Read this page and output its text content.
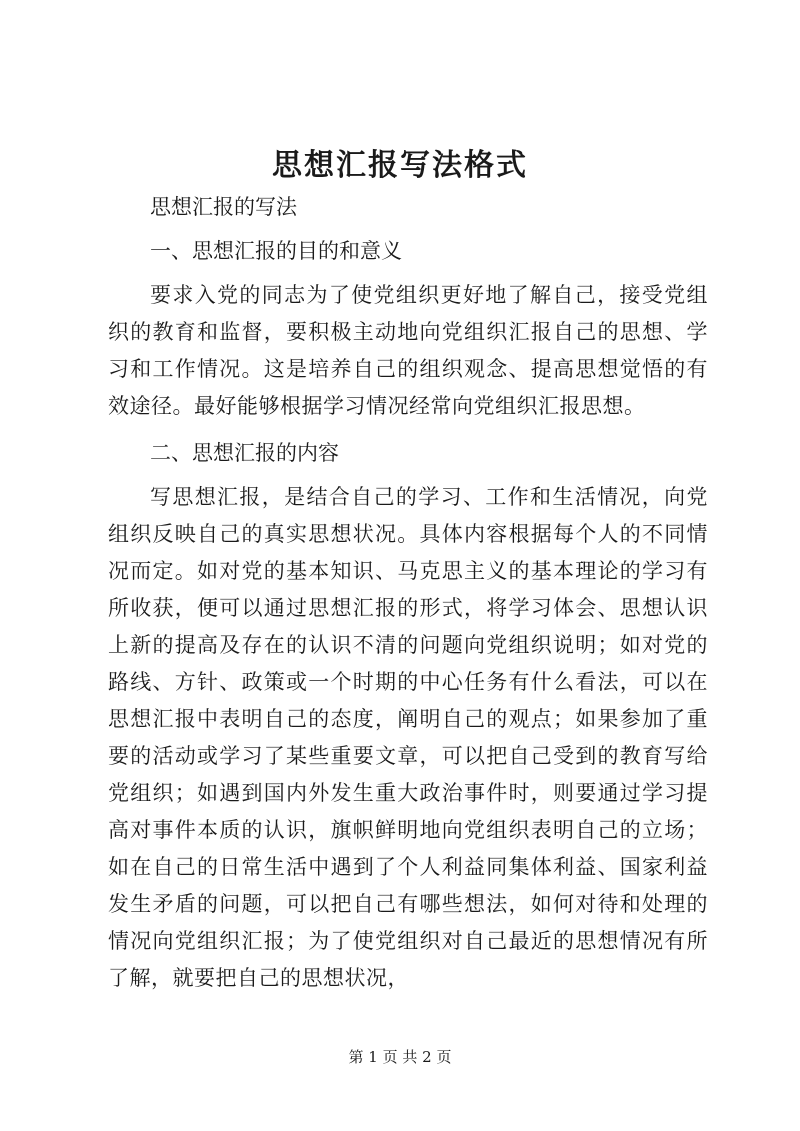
思想汇报写法格式

思想汇报的写法

一、思想汇报的目的和意义

要求入党的同志为了使党组织更好地了解自己，接受党组织的教育和监督，要积极主动地向党组织汇报自己的思想、学习和工作情况。这是培养自己的组织观念、提高思想觉悟的有效途径。最好能够根据学习情况经常向党组织汇报思想。

二、思想汇报的内容

写思想汇报，是结合自己的学习、工作和生活情况，向党组织反映自己的真实思想状况。具体内容根据每个人的不同情况而定。如对党的基本知识、马克思主义的基本理论的学习有所收获，便可以通过思想汇报的形式，将学习体会、思想认识上新的提高及存在的认识不清的问题向党组织说明；如对党的路线、方针、政策或一个时期的中心任务有什么看法，可以在思想汇报中表明自己的态度，阐明自己的观点；如果参加了重要的活动或学习了某些重要文章，可以把自己受到的教育写给党组织；如遇到国内外发生重大政治事件时，则要通过学习提高对事件本质的认识，旗帜鲜明地向党组织表明自己的立场；如在自己的日常生活中遇到了个人利益同集体利益、国家利益发生矛盾的问题，可以把自己有哪些想法，如何对待和处理的情况向党组织汇报；为了使党组织对自己最近的思想情况有所了解，就要把自己的思想状况，

第 1 页 共 2 页
